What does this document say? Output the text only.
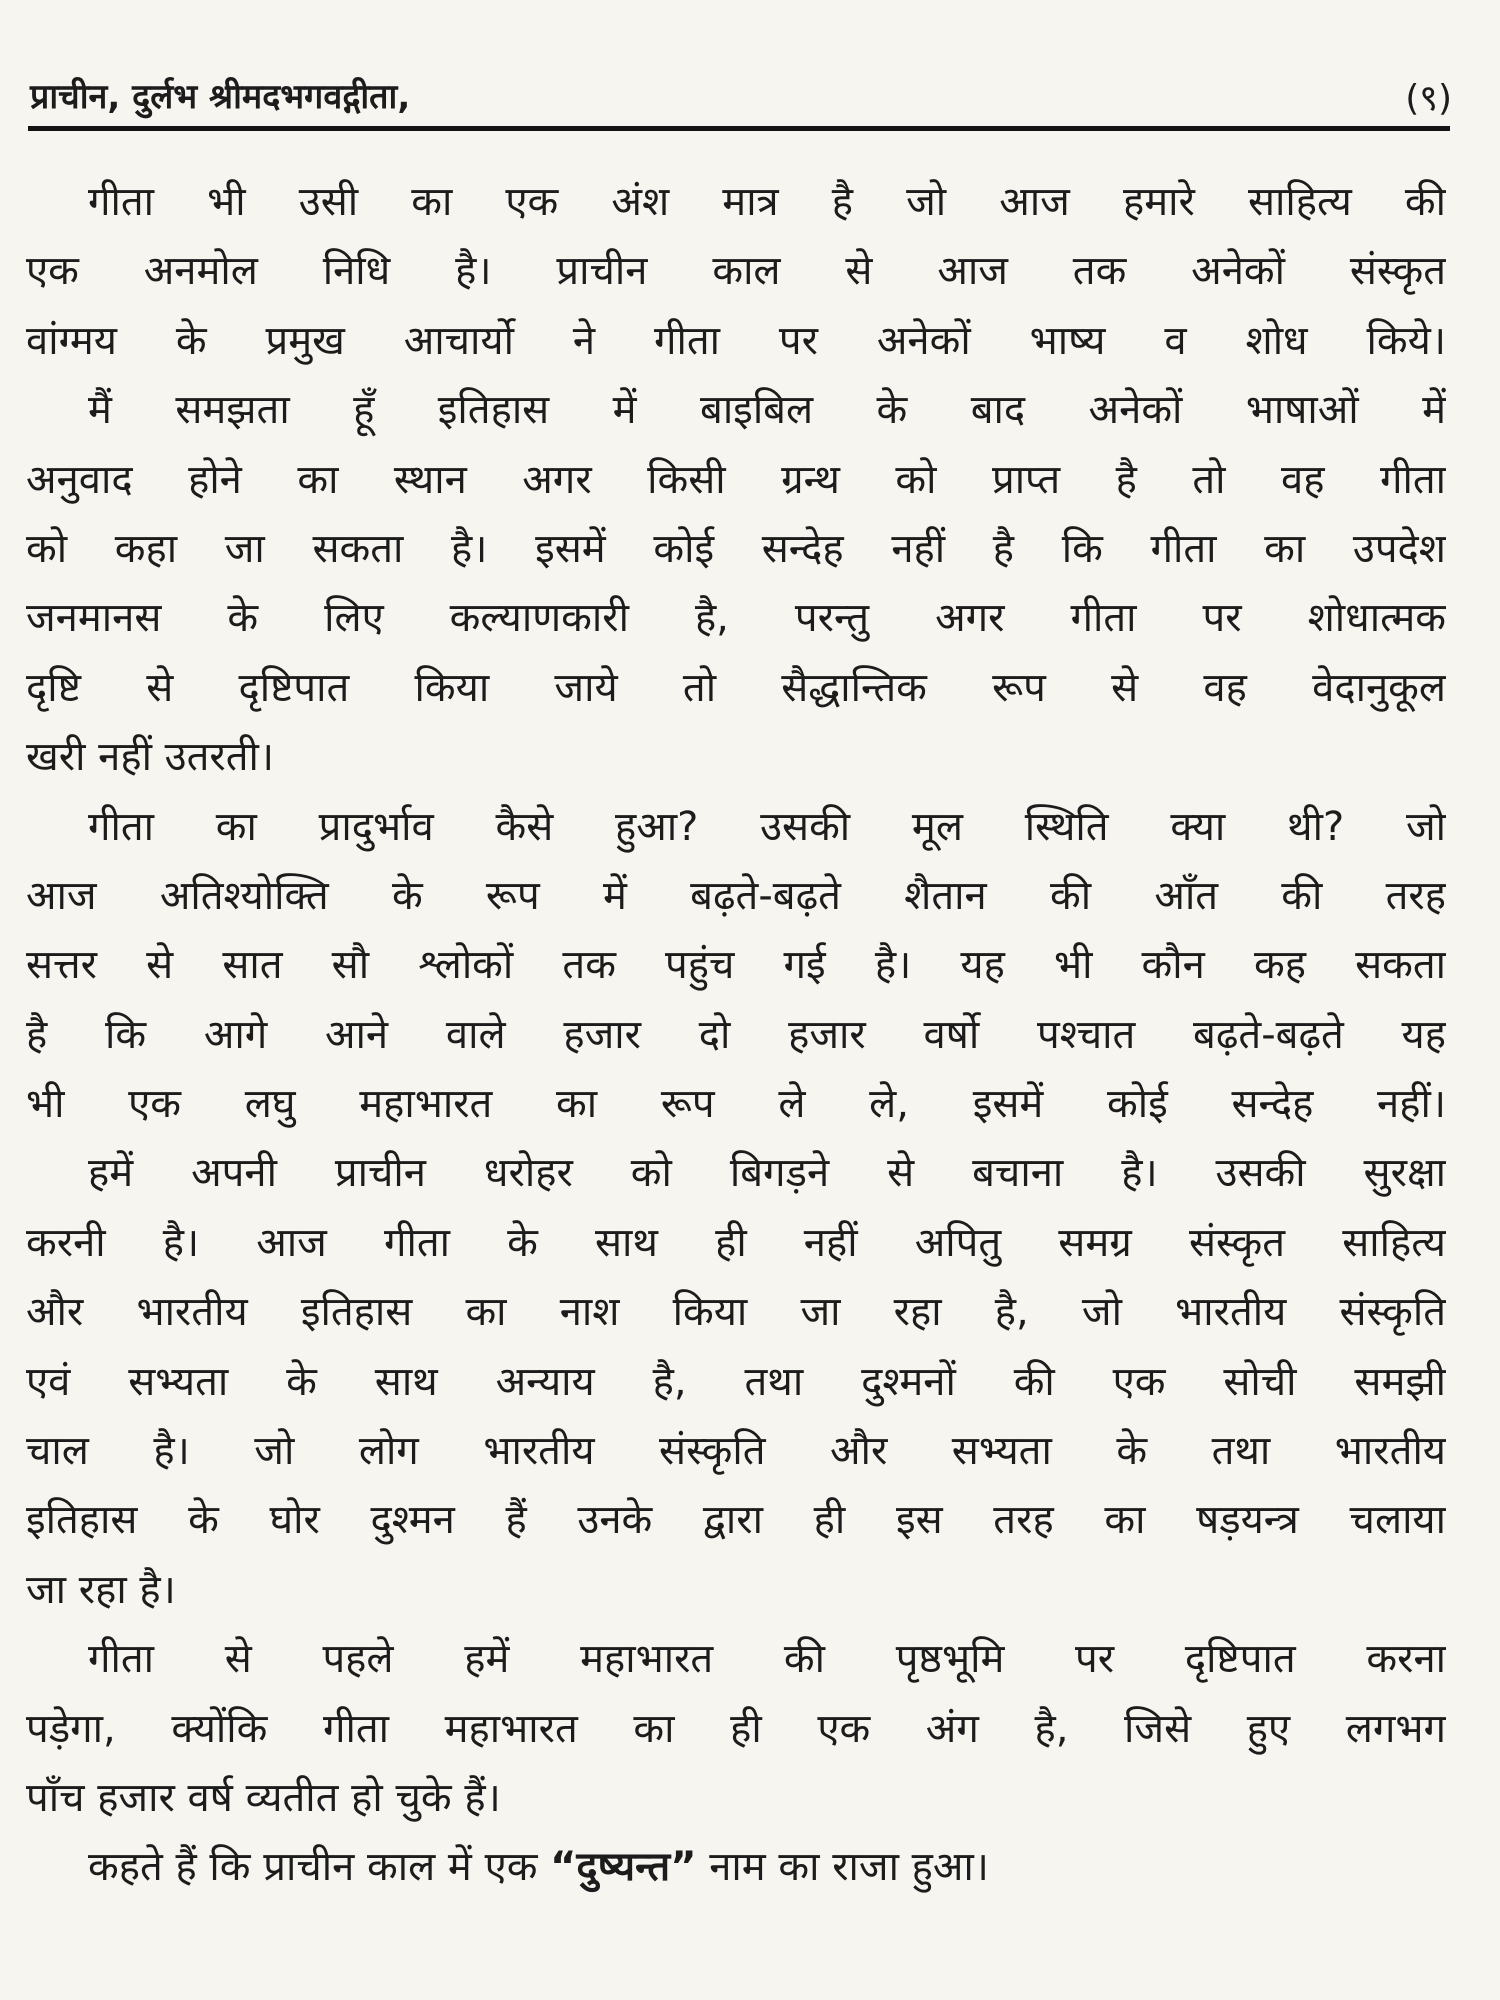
प्राचीन, दुर्लभ श्रीमदभगवद्गीता,	(९)
गीता भी उसी का एक अंश मात्र है जो आज हमारे साहित्य की
एक अनमोल निधि है। प्राचीन काल से आज तक अनेकों संस्कृत
वांग्मय के प्रमुख आचार्यो ने गीता पर अनेकों भाष्य व शोध किये।
मैं समझता हूँ इतिहास में बाइबिल के बाद अनेकों भाषाओं में
अनुवाद होने का स्थान अगर किसी ग्रन्थ को प्राप्त है तो वह गीता
को कहा जा सकता है। इसमें कोई सन्देह नहीं है कि गीता का उपदेश
जनमानस के लिए कल्याणकारी है, परन्तु अगर गीता पर शोधात्मक
दृष्टि से दृष्टिपात किया जाये तो सैद्धान्तिक रूप से वह वेदानुकूल
खरी नहीं उतरती।
गीता का प्रादुर्भाव कैसे हुआ? उसकी मूल स्थिति क्या थी? जो
आज अतिश्योक्ति के रूप में बढ़ते-बढ़ते शैतान की आँत की तरह
सत्तर से सात सौ श्लोकों तक पहुंच गई है। यह भी कौन कह सकता
है कि आगे आने वाले हजार दो हजार वर्षो पश्चात बढ़ते-बढ़ते यह
भी एक लघु महाभारत का रूप ले ले, इसमें कोई सन्देह नहीं।
हमें अपनी प्राचीन धरोहर को बिगड़ने से बचाना है। उसकी सुरक्षा
करनी है। आज गीता के साथ ही नहीं अपितु समग्र संस्कृत साहित्य
और भारतीय इतिहास का नाश किया जा रहा है, जो भारतीय संस्कृति
एवं सभ्यता के साथ अन्याय है, तथा दुश्मनों की एक सोची समझी
चाल है। जो लोग भारतीय संस्कृति और सभ्यता के तथा भारतीय
इतिहास के घोर दुश्मन हैं उनके द्वारा ही इस तरह का षड़यन्त्र चलाया
जा रहा है।
गीता से पहले हमें महाभारत की पृष्ठभूमि पर दृष्टिपात करना
पड़ेगा, क्योंकि गीता महाभारत का ही एक अंग है, जिसे हुए लगभग
पाँच हजार वर्ष व्यतीत हो चुके हैं।
कहते हैं कि प्राचीन काल में एक “दुष्यन्त” नाम का राजा हुआ।
